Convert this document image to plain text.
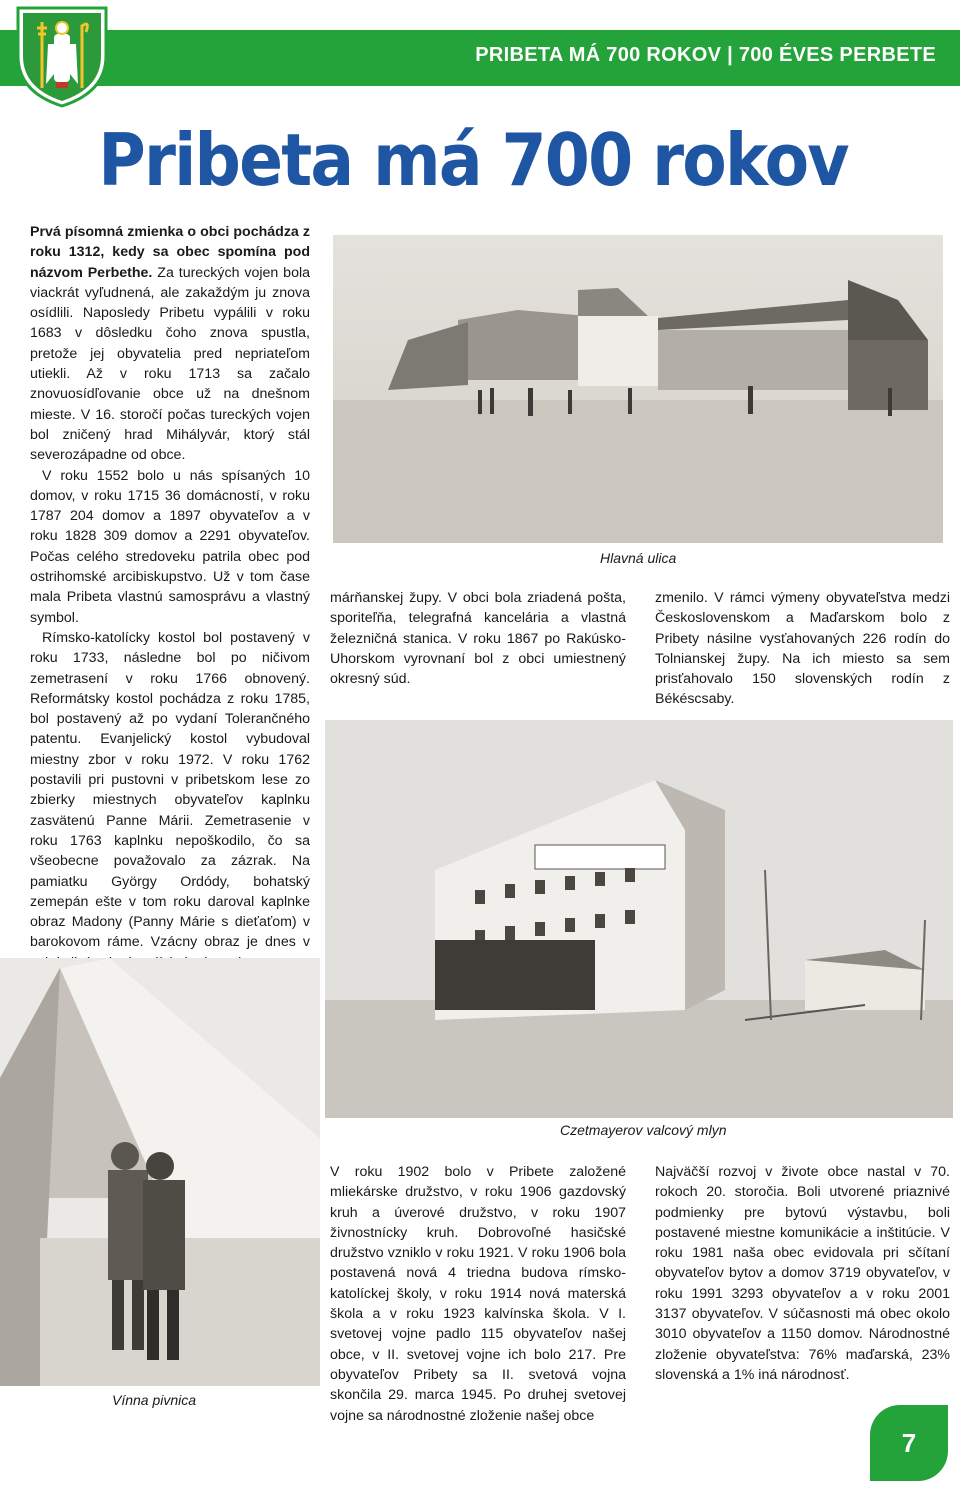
PRIBETA MÁ 700 ROKOV | 700 ÉVES PERBETE
Pribeta má 700 rokov

Prvá písomná zmienka o obci pochádza z roku 1312, kedy sa obec spomína pod názvom Perbethe. Za tureckých vojen bola viackrát vyľudnená, ale zakaždým ju znova osídlili. Naposledy Pribetu vypálili v roku 1683 v dôsledku čoho znova spustla, pretože jej obyvatelia pred nepriateľom utiekli. Až v roku 1713 sa začalo znovuosídľovanie obce už na dnešnom mieste. V 16. storočí počas tureckých vojen bol zničený hrad Mihályvár, ktorý stál severozápadne od obce.

V roku 1552 bolo u nás spísaných 10 domov, v roku 1715 36 domácností, v roku 1787 204 domov a 1897 obyvateľov a v roku 1828 309 domov a 2291 obyvateľov. Počas celého stredoveku patrila obec pod ostrihomské arcibiskupstvo. Už v tom čase mala Pribeta vlastnú samosprávu a vlastný symbol.

Rímsko-katolícky kostol bol postavený v roku 1733, následne bol po ničivom zemetrasení v roku 1766 obnovený. Reformátsky kostol pochádza z roku 1785, bol postavený až po vydaní Tolerančného patentu. Evanjelický kostol vybudoval miestny zbor v roku 1972. V roku 1762 postavili pri pustovni v pribetskom lese zo zbierky miestnych obyvateľov kaplnku zasvätenú Panne Márii. Zemetrasenie v roku 1763 kaplnku nepoškodilo, čo sa všeobecne považovalo za zázrak. Na pamiatku György Ordódy, bohatský zemepán ešte v tom roku daroval kaplnke obraz Madony (Panny Márie s dieťaťom) v barokovom ráme. Vzácny obraz je dnes v

Hlavná ulica

márňanskej župy. V obci bola zriadená pošta, sporiteľňa, telegrafná kancelária a vlastná železničná stanica. V roku 1867 po Rakúsko-Uhorskom vyrovnaní bol z obci umiestnený okresný súd.

zmenilo. V rámci výmeny obyvateľstva medzi Československom a Maďarskom bolo z Pribety násilne vysťahovaných 226 rodín do Tolnianskej župy. Na ich miesto sa sem prisťahovalo 150 slovenských rodín z Békéscsaby.

Czetmayerov valcový mlyn
Vínna pivnica

V roku 1902 bolo v Pribete založené mliekárske družstvo, v roku 1906 gazdovský kruh a úverové družstvo, v roku 1907 živnostnícky kruh. Dobrovoľné hasičské družstvo vzniklo v roku 1921. V roku 1906 bola postavená nová 4 triedna budova rímsko-katolíckej školy, v roku 1914 nová materská škola a v roku 1923 kalvínska škola. V I. svetovej vojne padlo 115 obyvateľov našej obce, v II. svetovej vojne ich bolo 217. Pre obyvateľov Pribety sa II. svetová vojna skončila 29. marca 1945. Po druhej svetovej vojne sa národnostné zloženie našej obce

Najväčší rozvoj v živote obce nastal v 70. rokoch 20. storočia. Boli utvorené priaznivé podmienky pre bytovú výstavbu, boli postavené miestne komunikácie a inštitúcie. V roku 1981 naša obec evidovala pri sčítaní obyvateľov bytov a domov 3719 obyvateľov, v roku 1991 3293 obyvateľov a v roku 2001 3137 obyvateľov. V súčasnosti má obec okolo 3010 obyvateľov a 1150 domov. Národnostné zloženie obyvateľstva: 76% maďarská, 23% slovenská a 1% iná národnosť.

7
